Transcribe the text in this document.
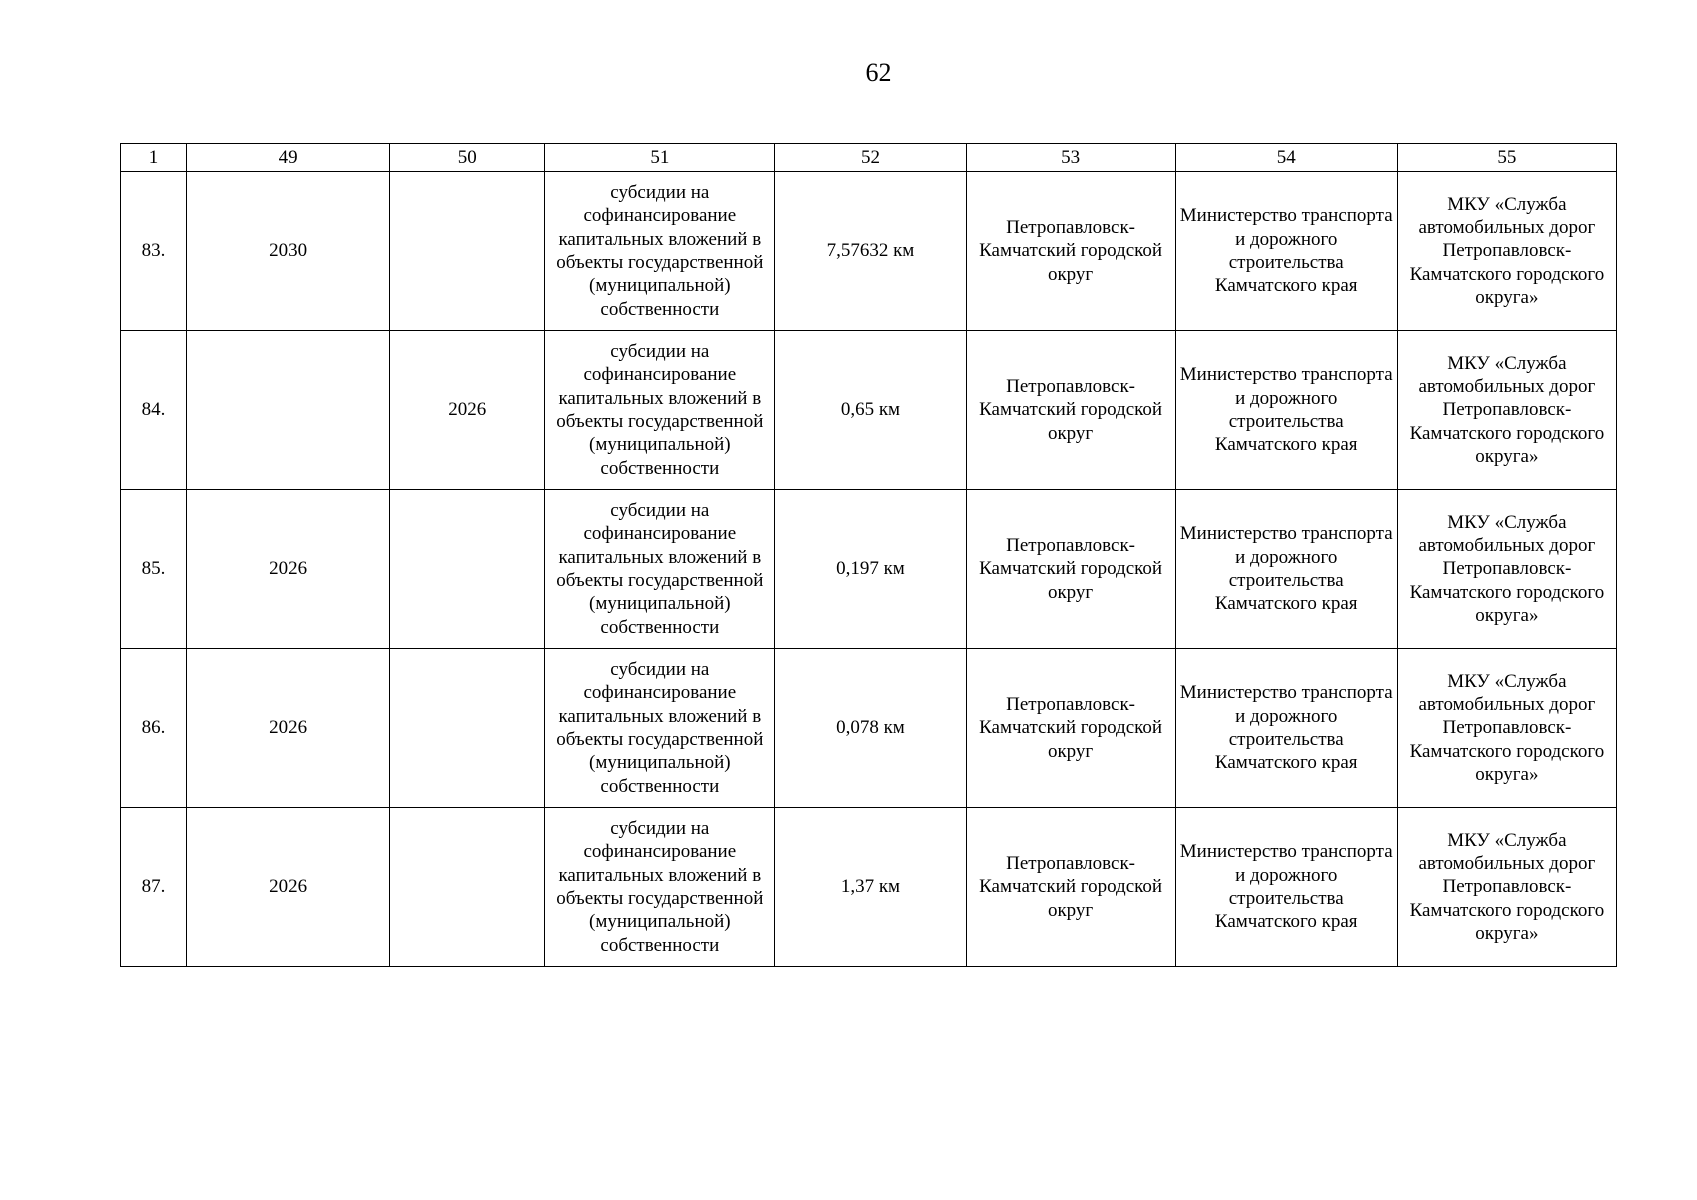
62
1	49	50	51	52	53	54	55
83.	2030		субсидии на софинансирование капитальных вложений в объекты государственной (муниципальной) собственности	7,57632 км	Петропавловск-Камчатский городской округ	Министерство транспорта и дорожного строительства Камчатского края	МКУ «Служба автомобильных дорог Петропавловск-Камчатского городского округа»
84.		2026	субсидии на софинансирование капитальных вложений в объекты государственной (муниципальной) собственности	0,65 км	Петропавловск-Камчатский городской округ	Министерство транспорта и дорожного строительства Камчатского края	МКУ «Служба автомобильных дорог Петропавловск-Камчатского городского округа»
85.	2026		субсидии на софинансирование капитальных вложений в объекты государственной (муниципальной) собственности	0,197 км	Петропавловск-Камчатский городской округ	Министерство транспорта и дорожного строительства Камчатского края	МКУ «Служба автомобильных дорог Петропавловск-Камчатского городского округа»
86.	2026		субсидии на софинансирование капитальных вложений в объекты государственной (муниципальной) собственности	0,078 км	Петропавловск-Камчатский городской округ	Министерство транспорта и дорожного строительства Камчатского края	МКУ «Служба автомобильных дорог Петропавловск-Камчатского городского округа»
87.	2026		субсидии на софинансирование капитальных вложений в объекты государственной (муниципальной) собственности	1,37 км	Петропавловск-Камчатский городской округ	Министерство транспорта и дорожного строительства Камчатского края	МКУ «Служба автомобильных дорог Петропавловск-Камчатского городского округа»
